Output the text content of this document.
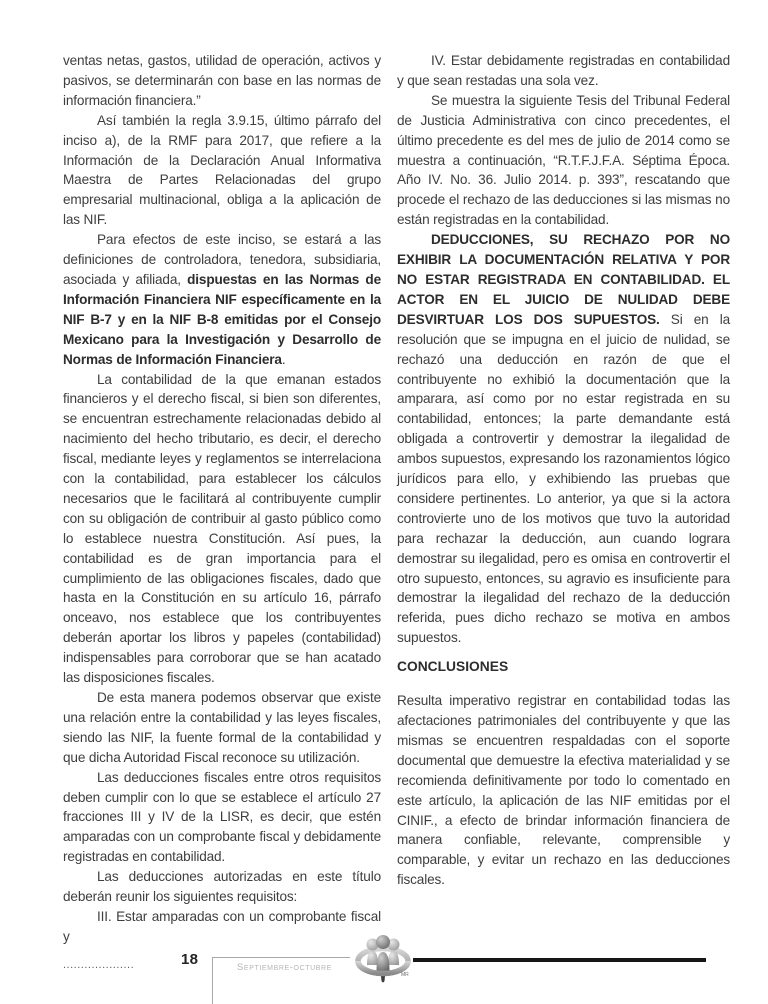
ventas netas, gastos, utilidad de operación, activos y pasivos, se determinarán con base en las normas de información financiera.”

Así también la regla 3.9.15, último párrafo del inciso a), de la RMF para 2017, que refiere a la Información de la Declaración Anual Informativa Maestra de Partes Relacionadas del grupo empresarial multinacional, obliga a la aplicación de las NIF.

Para efectos de este inciso, se estará a las definiciones de controladora, tenedora, subsidiaria, asociada y afiliada, dispuestas en las Normas de Información Financiera NIF específicamente en la NIF B-7 y en la NIF B-8 emitidas por el Consejo Mexicano para la Investigación y Desarrollo de Normas de Información Financiera.

La contabilidad de la que emanan estados financieros y el derecho fiscal, si bien son diferentes, se encuentran estrechamente relacionadas debido al nacimiento del hecho tributario, es decir, el derecho fiscal, mediante leyes y reglamentos se interrelaciona con la contabilidad, para establecer los cálculos necesarios que le facilitará al contribuyente cumplir con su obligación de contribuir al gasto público como lo establece nuestra Constitución. Así pues, la contabilidad es de gran importancia para el cumplimiento de las obligaciones fiscales, dado que hasta en la Constitución en su artículo 16, párrafo onceavo, nos establece que los contribuyentes deberán aportar los libros y papeles (contabilidad) indispensables para corroborar que se han acatado las disposiciones fiscales.

De esta manera podemos observar que existe una relación entre la contabilidad y las leyes fiscales, siendo las NIF, la fuente formal de la contabilidad y que dicha Autoridad Fiscal reconoce su utilización.

Las deducciones fiscales entre otros requisitos deben cumplir con lo que se establece el artículo 27 fracciones III y IV de la LISR, es decir, que estén amparadas con un comprobante fiscal y debidamente registradas en contabilidad.

Las deducciones autorizadas en este título deberán reunir los siguientes requisitos:

III. Estar amparadas con un comprobante fiscal y

....................

IV. Estar debidamente registradas en contabilidad y que sean restadas una sola vez.

Se muestra la siguiente Tesis del Tribunal Federal de Justicia Administrativa con cinco precedentes, el último precedente es del mes de julio de 2014 como se muestra a continuación, “R.T.F.J.F.A. Séptima Época. Año IV. No. 36. Julio 2014. p. 393”, rescatando que procede el rechazo de las deducciones si las mismas no están registradas en la contabilidad.

DEDUCCIONES, SU RECHAZO POR NO EXHIBIR LA DOCUMENTACIÓN RELATIVA Y POR NO ESTAR REGISTRADA EN CONTABILIDAD. EL ACTOR EN EL JUICIO DE NULIDAD DEBE DESVIRTUAR LOS DOS SUPUESTOS. Si en la resolución que se impugna en el juicio de nulidad, se rechazó una deducción en razón de que el contribuyente no exhibió la documentación que la amparara, así como por no estar registrada en su contabilidad, entonces; la parte demandante está obligada a controvertir y demostrar la ilegalidad de ambos supuestos, expresando los razonamientos lógico jurídicos para ello, y exhibiendo las pruebas que considere pertinentes. Lo anterior, ya que si la actora controvierte uno de los motivos que tuvo la autoridad para rechazar la deducción, aun cuando lograra demostrar su ilegalidad, pero es omisa en controvertir el otro supuesto, entonces, su agravio es insuficiente para demostrar la ilegalidad del rechazo de la deducción referida, pues dicho rechazo se motiva en ambos supuestos.

CONCLUSIONES

Resulta imperativo registrar en contabilidad todas las afectaciones patrimoniales del contribuyente y que las mismas se encuentren respaldadas con el soporte documental que demuestre la efectiva materialidad y se recomienda definitivamente por todo lo comentado en este artículo, la aplicación de las NIF emitidas por el CINIF., a efecto de brindar información financiera de manera confiable, relevante, comprensible y comparable, y evitar un rechazo en las deducciones fiscales.

18	Septiembre-octubre
MR
